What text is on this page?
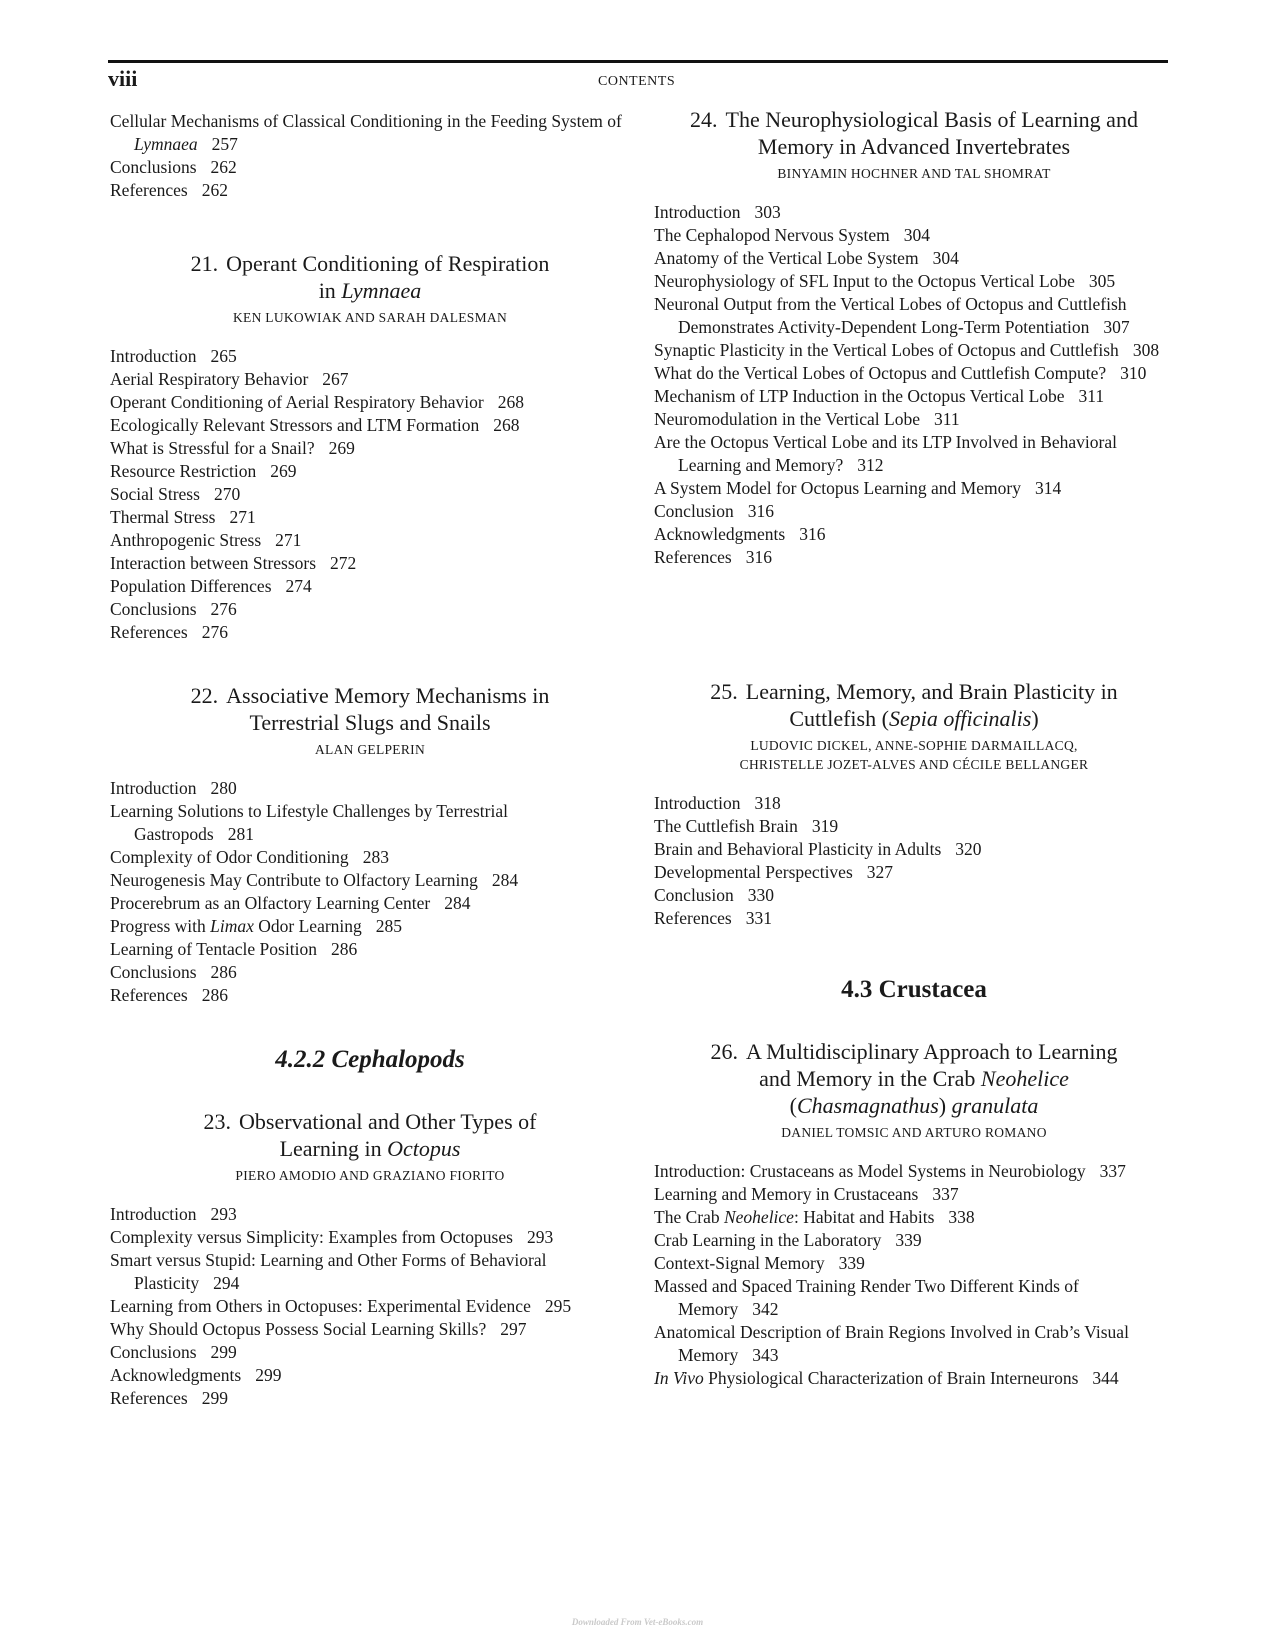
viii	CONTENTS

Cellular Mechanisms of Classical Conditioning in the Feeding System of Lymnaea 257

Conclusions 262

References 262

21. Operant Conditioning of Respiration
in Lymnaea

KEN LUKOWIAK AND SARAH DALESMAN

Introduction 265

Aerial Respiratory Behavior 267

Operant Conditioning of Aerial Respiratory Behavior 268

Ecologically Relevant Stressors and LTM Formation 268

What is Stressful for a Snail? 269

Resource Restriction 269

Social Stress 270

Thermal Stress 271

Anthropogenic Stress 271

Interaction between Stressors 272

Population Differences 274

Conclusions 276

References 276

22. Associative Memory Mechanisms in
Terrestrial Slugs and Snails

ALAN GELPERIN

Introduction 280

Learning Solutions to Lifestyle Challenges by Terrestrial Gastropods 281

Complexity of Odor Conditioning 283

Neurogenesis May Contribute to Olfactory Learning 284

Procerebrum as an Olfactory Learning Center 284

Progress with Limax Odor Learning 285

Learning of Tentacle Position 286

Conclusions 286

References 286

4.2.2 Cephalopods

23. Observational and Other Types of
Learning in Octopus

PIERO AMODIO AND GRAZIANO FIORITO

Introduction 293

Complexity versus Simplicity: Examples from Octopuses 293

Smart versus Stupid: Learning and Other Forms of Behavioral Plasticity 294

Learning from Others in Octopuses: Experimental Evidence 295

Why Should Octopus Possess Social Learning Skills? 297

Conclusions 299

Acknowledgments 299

References 299

24. The Neurophysiological Basis of Learning and
Memory in Advanced Invertebrates

BINYAMIN HOCHNER AND TAL SHOMRAT

Introduction 303

The Cephalopod Nervous System 304

Anatomy of the Vertical Lobe System 304

Neurophysiology of SFL Input to the Octopus Vertical Lobe 305

Neuronal Output from the Vertical Lobes of Octopus and Cuttlefish Demonstrates Activity-Dependent Long-Term Potentiation 307

Synaptic Plasticity in the Vertical Lobes of Octopus and Cuttlefish 308

What do the Vertical Lobes of Octopus and Cuttlefish Compute? 310

Mechanism of LTP Induction in the Octopus Vertical Lobe 311

Neuromodulation in the Vertical Lobe 311

Are the Octopus Vertical Lobe and its LTP Involved in Behavioral Learning and Memory? 312

A System Model for Octopus Learning and Memory 314

Conclusion 316

Acknowledgments 316

References 316

25. Learning, Memory, and Brain Plasticity in
Cuttlefish (Sepia officinalis)

LUDOVIC DICKEL, ANNE-SOPHIE DARMAILLACQ,
CHRISTELLE JOZET-ALVES AND CÉCILE BELLANGER

Introduction 318

The Cuttlefish Brain 319

Brain and Behavioral Plasticity in Adults 320

Developmental Perspectives 327

Conclusion 330

References 331

4.3 Crustacea

26. A Multidisciplinary Approach to Learning
and Memory in the Crab Neohelice
(Chasmagnathus) granulata

DANIEL TOMSIC AND ARTURO ROMANO

Introduction: Crustaceans as Model Systems in Neurobiology 337

Learning and Memory in Crustaceans 337

The Crab Neohelice: Habitat and Habits 338

Crab Learning in the Laboratory 339

Context-Signal Memory 339

Massed and Spaced Training Render Two Different Kinds of Memory 342

Anatomical Description of Brain Regions Involved in Crab’s Visual Memory 343

In Vivo Physiological Characterization of Brain Interneurons 344

Downloaded From Vet-eBooks.com
